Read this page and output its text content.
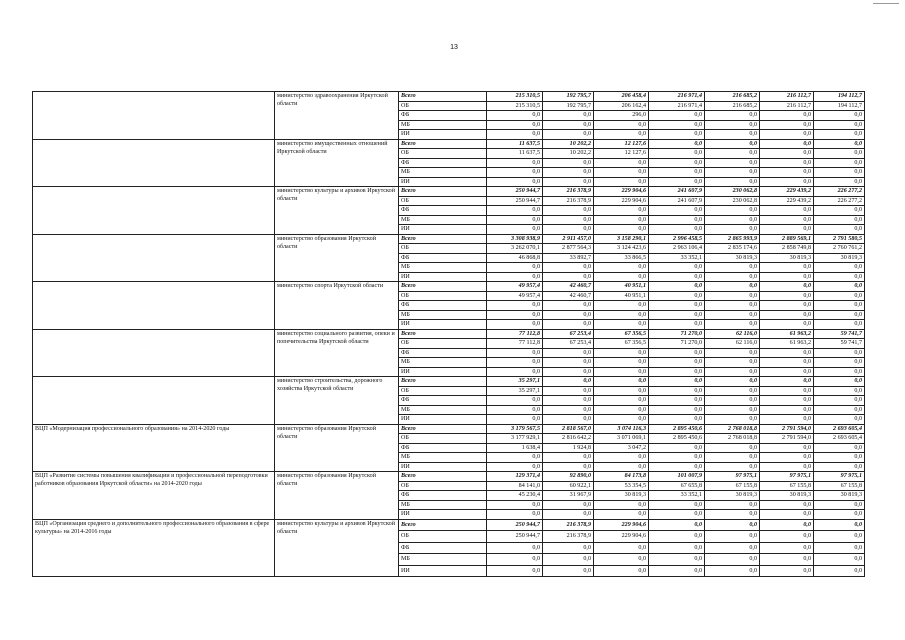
13
	министерство здравоохранения Иркутской области	Всего	215 310,5	192 795,7	206 458,4	216 971,4	216 685,2	216 112,7	194 112,7
		ОБ	215 310,5	192 795,7	206 162,4	216 971,4	216 685,2	216 112,7	194 112,7
		ФБ	0,0	0,0	296,0	0,0	0,0	0,0	0,0
		МБ	0,0	0,0	0,0	0,0	0,0	0,0	0,0
		ИИ	0,0	0,0	0,0	0,0	0,0	0,0	0,0
	министерство имущественных отношений Иркутской области	Всего	11 637,5	10 202,2	12 127,6	0,0	0,0	0,0	0,0
		ОБ	11 637,5	10 202,2	12 127,6	0,0	0,0	0,0	0,0
		ФБ	0,0	0,0	0,0	0,0	0,0	0,0	0,0
		МБ	0,0	0,0	0,0	0,0	0,0	0,0	0,0
		ИИ	0,0	0,0	0,0	0,0	0,0	0,0	0,0
	министерство культуры и архивов Иркутской области	Всего	250 944,7	216 378,9	229 904,6	241 607,9	230 062,8	229 439,2	226 277,2
		ОБ	250 944,7	216 378,9	229 904,6	241 607,9	230 062,8	229 439,2	226 277,2
		ФБ	0,0	0,0	0,0	0,0	0,0	0,0	0,0
		МБ	0,0	0,0	0,0	0,0	0,0	0,0	0,0
		ИИ	0,0	0,0	0,0	0,0	0,0	0,0	0,0
	министерство образования Иркутской области	Всего	3 308 938,9	2 911 457,0	3 158 290,1	2 996 458,5	2 865 993,9	2 889 569,1	2 791 580,5
		ОБ	3 262 070,1	2 877 564,3	3 124 423,6	2 963 106,4	2 835 174,6	2 858 749,8	2 760 761,2
		ФБ	46 868,8	33 892,7	33 866,5	33 352,1	30 819,3	30 819,3	30 819,3
		МБ	0,0	0,0	0,0	0,0	0,0	0,0	0,0
		ИИ	0,0	0,0	0,0	0,0	0,0	0,0	0,0
	министерство спорта Иркутской области	Всего	49 957,4	42 460,7	40 951,1	0,0	0,0	0,0	0,0
		ОБ	49 957,4	42 460,7	40 951,1	0,0	0,0	0,0	0,0
		ФБ	0,0	0,0	0,0	0,0	0,0	0,0	0,0
		МБ	0,0	0,0	0,0	0,0	0,0	0,0	0,0
		ИИ	0,0	0,0	0,0	0,0	0,0	0,0	0,0
	министерство социального развития, опеки и попечительства Иркутской области	Всего	77 112,8	67 253,4	67 356,5	71 270,0	62 116,0	61 963,2	59 741,7
		ОБ	77 112,8	67 253,4	67 356,5	71 270,0	62 116,0	61 963,2	59 741,7
		ФБ	0,0	0,0	0,0	0,0	0,0	0,0	0,0
		МБ	0,0	0,0	0,0	0,0	0,0	0,0	0,0
		ИИ	0,0	0,0	0,0	0,0	0,0	0,0	0,0
	министерство строительства, дорожного хозяйства Иркутской области	Всего	35 297,1	0,0	0,0	0,0	0,0	0,0	0,0
		ОБ	35 297,1	0,0	0,0	0,0	0,0	0,0	0,0
		ФБ	0,0	0,0	0,0	0,0	0,0	0,0	0,0
		МБ	0,0	0,0	0,0	0,0	0,0	0,0	0,0
		ИИ	0,0	0,0	0,0	0,0	0,0	0,0	0,0
ВЦП «Модернизация профессионального образования» на 2014-2020 годы	министерство образования Иркутской области	Всего	3 179 567,5	2 818 567,0	3 074 116,3	2 895 450,6	2 768 018,8	2 791 594,0	2 693 605,4
		ОБ	3 177 929,1	2 816 642,2	3 071 069,1	2 895 450,6	2 768 018,8	2 791 594,0	2 693 605,4
		ФБ	1 638,4	1 924,8	3 047,2	0,0	0,0	0,0	0,0
		МБ	0,0	0,0	0,0	0,0	0,0	0,0	0,0
		ИИ	0,0	0,0	0,0	0,0	0,0	0,0	0,0
ВЦП «Развитие системы повышения квалификации и профессиональной переподготовки работников образования Иркутской области» на 2014-2020 годы	министерство образования Иркутской области	Всего	129 371,4	92 890,0	84 173,8	101 007,9	97 975,1	97 975,1	97 975,1
		ОБ	84 141,0	60 922,1	53 354,5	67 655,8	67 155,8	67 155,8	67 155,8
		ФБ	45 230,4	31 967,9	30 819,3	33 352,1	30 819,3	30 819,3	30 819,3
		МБ	0,0	0,0	0,0	0,0	0,0	0,0	0,0
		ИИ	0,0	0,0	0,0	0,0	0,0	0,0	0,0
ВЦП «Организация среднего и дополнительного профессионального образования в сфере культуры» на 2014-2016 годы	министерство культуры и архивов Иркутской области	Всего	250 944,7	216 378,9	229 904,6	0,0	0,0	0,0	0,0
		ОБ	250 944,7	216 378,9	229 904,6	0,0	0,0	0,0	0,0
		ФБ	0,0	0,0	0,0	0,0	0,0	0,0	0,0
		МБ	0,0	0,0	0,0	0,0	0,0	0,0	0,0
		ИИ	0,0	0,0	0,0	0,0	0,0	0,0	0,0
